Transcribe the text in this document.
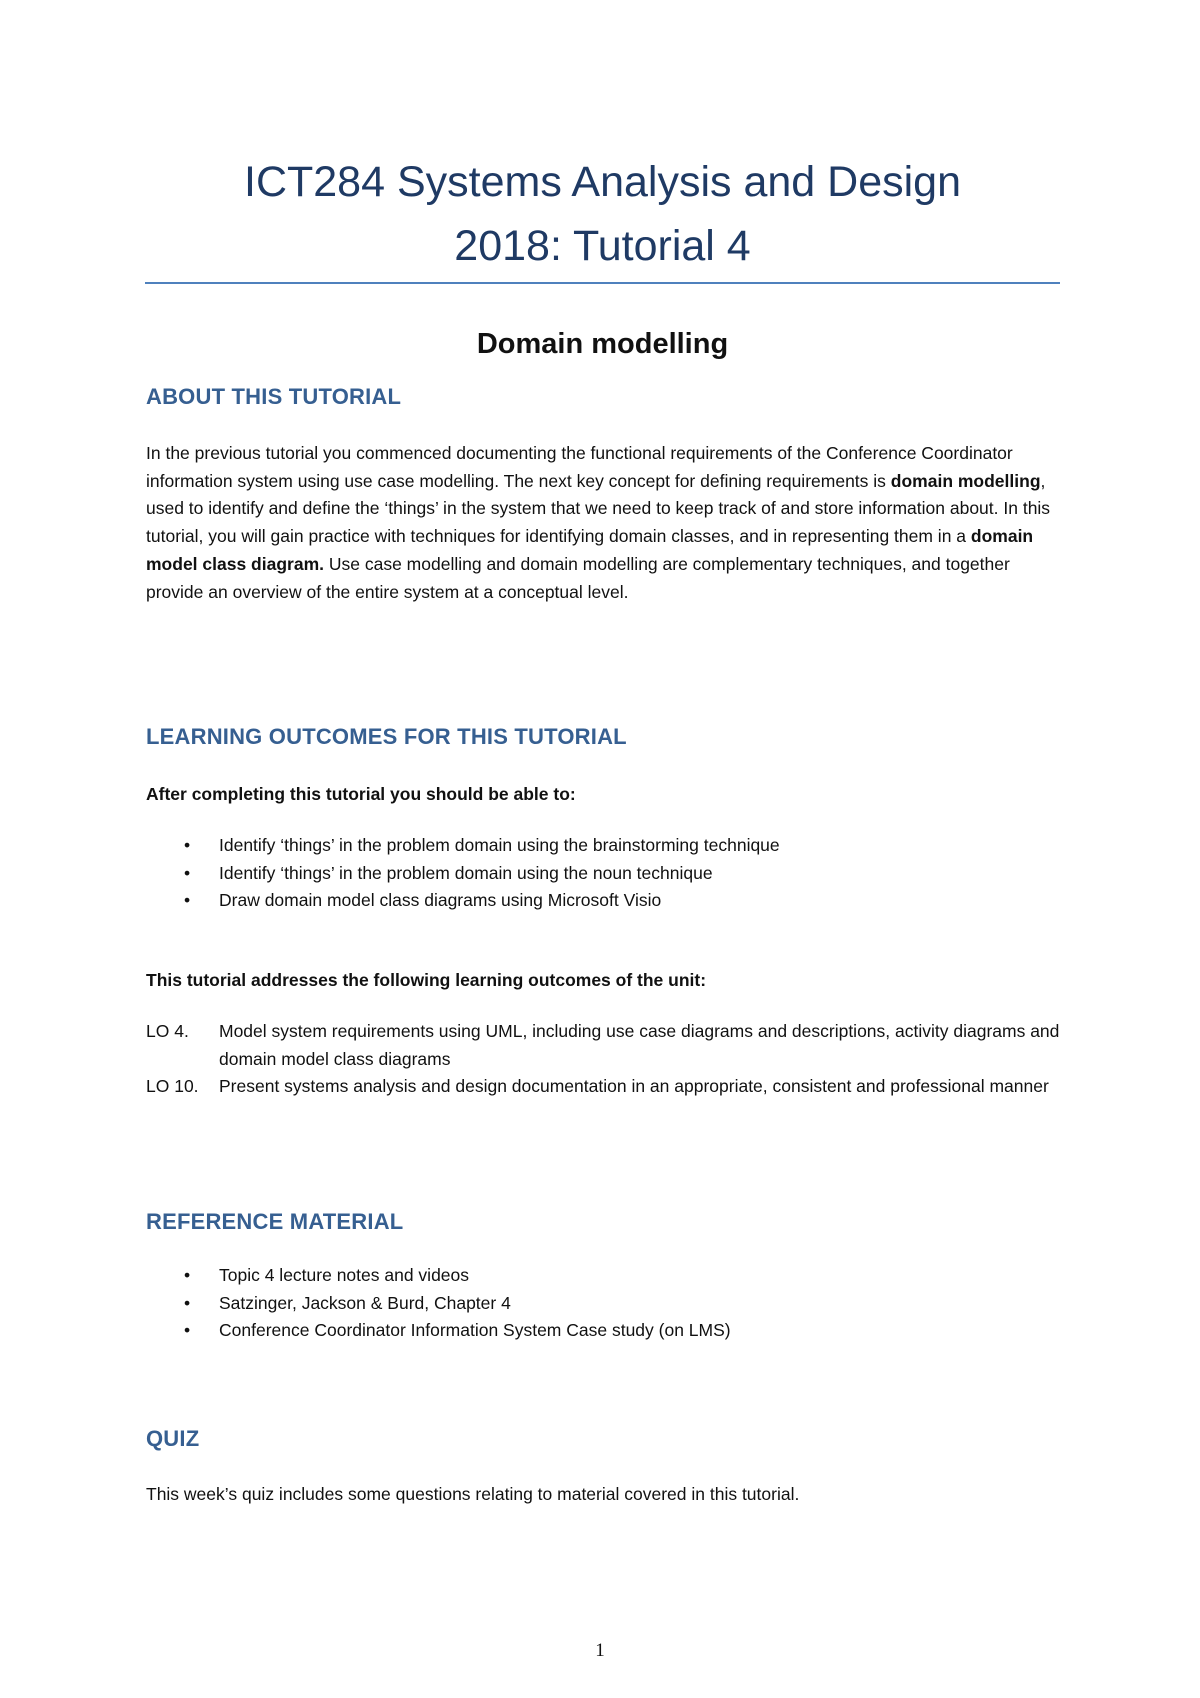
ICT284 Systems Analysis and Design
2018: Tutorial 4
Domain modelling
ABOUT THIS TUTORIAL

In the previous tutorial you commenced documenting the functional requirements of the Conference Coordinator information system using use case modelling. The next key concept for defining requirements is domain modelling, used to identify and define the ‘things’ in the system that we need to keep track of and store information about. In this tutorial, you will gain practice with techniques for identifying domain classes, and in representing them in a domain model class diagram. Use case modelling and domain modelling are complementary techniques, and together provide an overview of the entire system at a conceptual level.

LEARNING OUTCOMES FOR THIS TUTORIAL
After completing this tutorial you should be able to:
• Identify ‘things’ in the problem domain using the brainstorming technique
• Identify ‘things’ in the problem domain using the noun technique
• Draw domain model class diagrams using Microsoft Visio
This tutorial addresses the following learning outcomes of the unit:
LO 4.	Model system requirements using UML, including use case diagrams and descriptions, activity diagrams and domain model class diagrams
LO 10.	Present systems analysis and design documentation in an appropriate, consistent and professional manner
REFERENCE MATERIAL
• Topic 4 lecture notes and videos
• Satzinger, Jackson & Burd, Chapter 4
• Conference Coordinator Information System Case study (on LMS)
QUIZ

This week’s quiz includes some questions relating to material covered in this tutorial.

1
